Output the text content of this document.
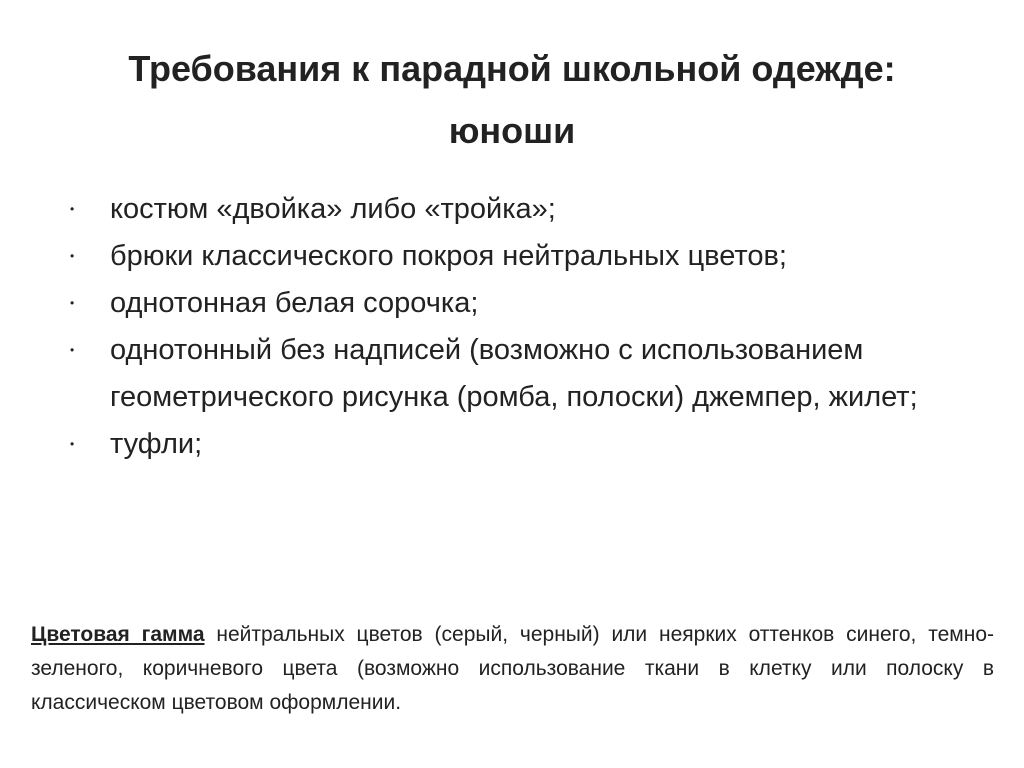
Требования к парадной школьной одежде:
юноши
• костюм «двойка» либо «тройка»;
• брюки классического покроя нейтральных цветов;
• однотонная белая сорочка;
• однотонный без надписей (возможно с использованием геометрического рисунка (ромба, полоски) джемпер, жилет;
• туфли;

Цветовая гамма нейтральных цветов (серый, черный) или неярких оттенков синего, темно-зеленого, коричневого цвета (возможно использование ткани в клетку или полоску в классическом цветовом оформлении.
